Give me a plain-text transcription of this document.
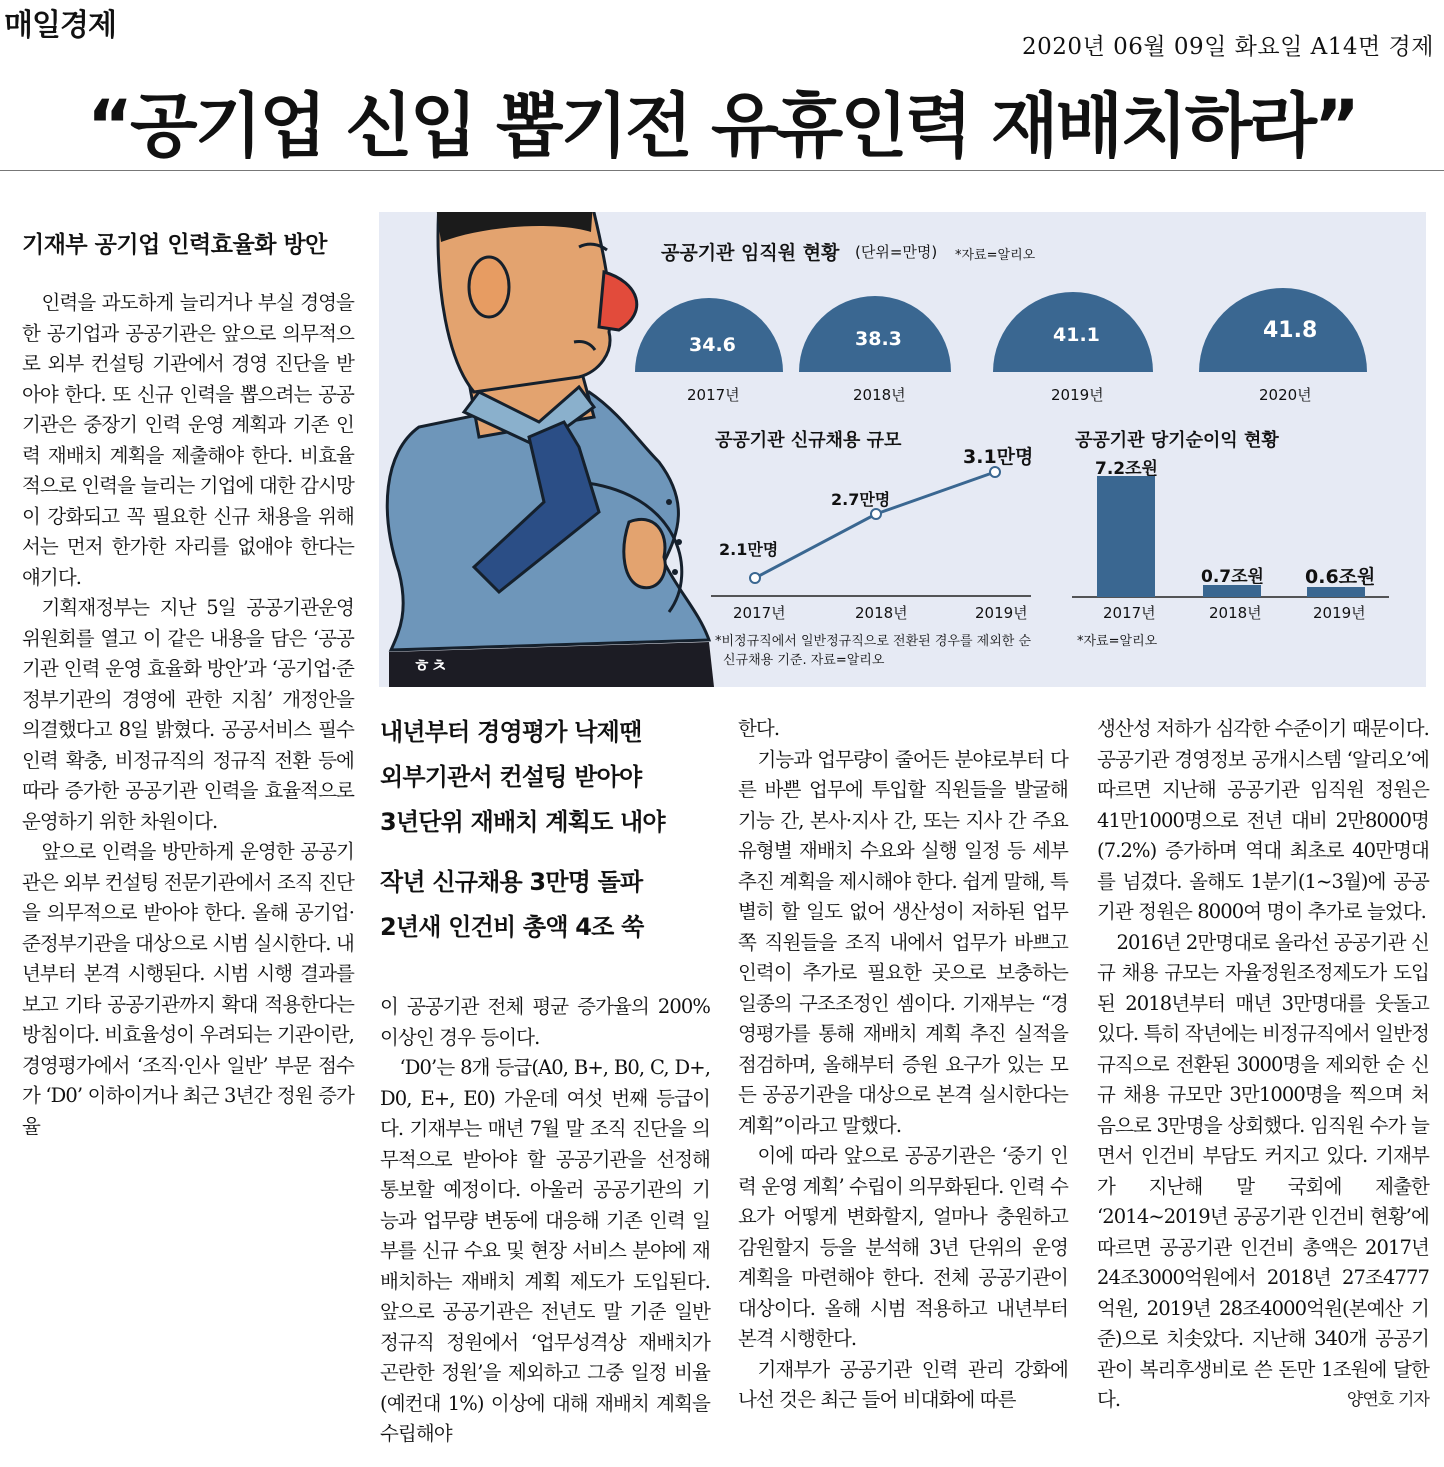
매일경제
2020년 06월 09일 화요일 A14면 경제
“공기업 신입 뽑기전 유휴인력 재배치하라”
기재부 공기업 인력효율화 방안

인력을 과도하게 늘리거나 부실 경영을 한 공기업과 공공기관은 앞으로 의무적으로 외부 컨설팅 기관에서 경영 진단을 받아야 한다. 또 신규 인력을 뽑으려는 공공기관은 중장기 인력 운영 계획과 기존 인력 재배치 계획을 제출해야 한다. 비효율적으로 인력을 늘리는 기업에 대한 감시망이 강화되고 꼭 필요한 신규 채용을 위해서는 먼저 한가한 자리를 없애야 한다는 얘기다.

기획재정부는 지난 5일 공공기관운영위원회를 열고 이 같은 내용을 담은 ‘공공기관 인력 운영 효율화 방안’과 ‘공기업·준정부기관의 경영에 관한 지침’ 개정안을 의결했다고 8일 밝혔다. 공공서비스 필수 인력 확충, 비정규직의 정규직 전환 등에 따라 증가한 공공기관 인력을 효율적으로 운영하기 위한 차원이다.

앞으로 인력을 방만하게 운영한 공공기관은 외부 컨설팅 전문기관에서 조직 진단을 의무적으로 받아야 한다. 올해 공기업·준정부기관을 대상으로 시범 실시한다. 내년부터 본격 시행된다. 시범 시행 결과를 보고 기타 공공기관까지 확대 적용한다는 방침이다. 비효율성이 우려되는 기관이란, 경영평가에서 ‘조직·인사 일반’ 부문 점수가 ‘D0’ 이하이거나 최근 3년간 정원 증가율

ㅎㅊ
공공기관 임직원 현황 (단위=만명) *자료=알리오
34.6	38.3	41.1	41.8
2017년	2018년	2019년	2020년
공공기관 신규채용 규모
2.1만명
2.7만명
3.1만명
2017년	2018년	2019년
*비정규직에서 일반정규직으로 전환된 경우를 제외한 순
신규채용 기준. 자료=알리오
공공기관 당기순이익 현황
7.2조원
0.7조원 0.6조원
2017년	2018년	2019년
*자료=알리오
내년부터 경영평가 낙제땐
외부기관서 컨설팅 받아야
3년단위 재배치 계획도 내야
작년 신규채용 3만명 돌파
2년새 인건비 총액 4조 쑥

이 공공기관 전체 평균 증가율의 200% 이상인 경우 등이다.

‘D0’는 8개 등급(A0, B+, B0, C, D+, D0, E+, E0) 가운데 여섯 번째 등급이다. 기재부는 매년 7월 말 조직 진단을 의무적으로 받아야 할 공공기관을 선정해 통보할 예정이다. 아울러 공공기관의 기능과 업무량 변동에 대응해 기존 인력 일부를 신규 수요 및 현장 서비스 분야에 재배치하는 재배치 계획 제도가 도입된다. 앞으로 공공기관은 전년도 말 기준 일반정규직 정원에서 ‘업무성격상 재배치가 곤란한 정원’을 제외하고 그중 일정 비율(예컨대 1%) 이상에 대해 재배치 계획을 수립해야

한다.

기능과 업무량이 줄어든 분야로부터 다른 바쁜 업무에 투입할 직원들을 발굴해 기능 간, 본사·지사 간, 또는 지사 간 주요 유형별 재배치 수요와 실행 일정 등 세부 추진 계획을 제시해야 한다. 쉽게 말해, 특별히 할 일도 없어 생산성이 저하된 업무 쪽 직원들을 조직 내에서 업무가 바쁘고 인력이 추가로 필요한 곳으로 보충하는 일종의 구조조정인 셈이다. 기재부는 “경영평가를 통해 재배치 계획 추진 실적을 점검하며, 올해부터 증원 요구가 있는 모든 공공기관을 대상으로 본격 실시한다는 계획”이라고 말했다.

이에 따라 앞으로 공공기관은 ‘중기 인력 운영 계획’ 수립이 의무화된다. 인력 수요가 어떻게 변화할지, 얼마나 충원하고 감원할지 등을 분석해 3년 단위의 운영 계획을 마련해야 한다. 전체 공공기관이 대상이다. 올해 시범 적용하고 내년부터 본격 시행한다.

기재부가 공공기관 인력 관리 강화에 나선 것은 최근 들어 비대화에 따른

생산성 저하가 심각한 수준이기 때문이다. 공공기관 경영정보 공개시스템 ‘알리오’에 따르면 지난해 공공기관 임직원 정원은 41만1000명으로 전년 대비 2만8000명(7.2%) 증가하며 역대 최초로 40만명대를 넘겼다. 올해도 1분기(1~3월)에 공공기관 정원은 8000여 명이 추가로 늘었다.

2016년 2만명대로 올라선 공공기관 신규 채용 규모는 자율정원조정제도가 도입된 2018년부터 매년 3만명대를 웃돌고 있다. 특히 작년에는 비정규직에서 일반정규직으로 전환된 3000명을 제외한 순 신규 채용 규모만 3만1000명을 찍으며 처음으로 3만명을 상회했다. 임직원 수가 늘면서 인건비 부담도 커지고 있다. 기재부가 지난해 말 국회에 제출한 ‘2014~2019년 공공기관 인건비 현황’에 따르면 공공기관 인건비 총액은 2017년 24조3000억원에서 2018년 27조4777억원, 2019년 28조4000억원(본예산 기준)으로 치솟았다. 지난해 340개 공공기관이 복리후생비로 쓴 돈만 1조원에 달한다.	양연호 기자
